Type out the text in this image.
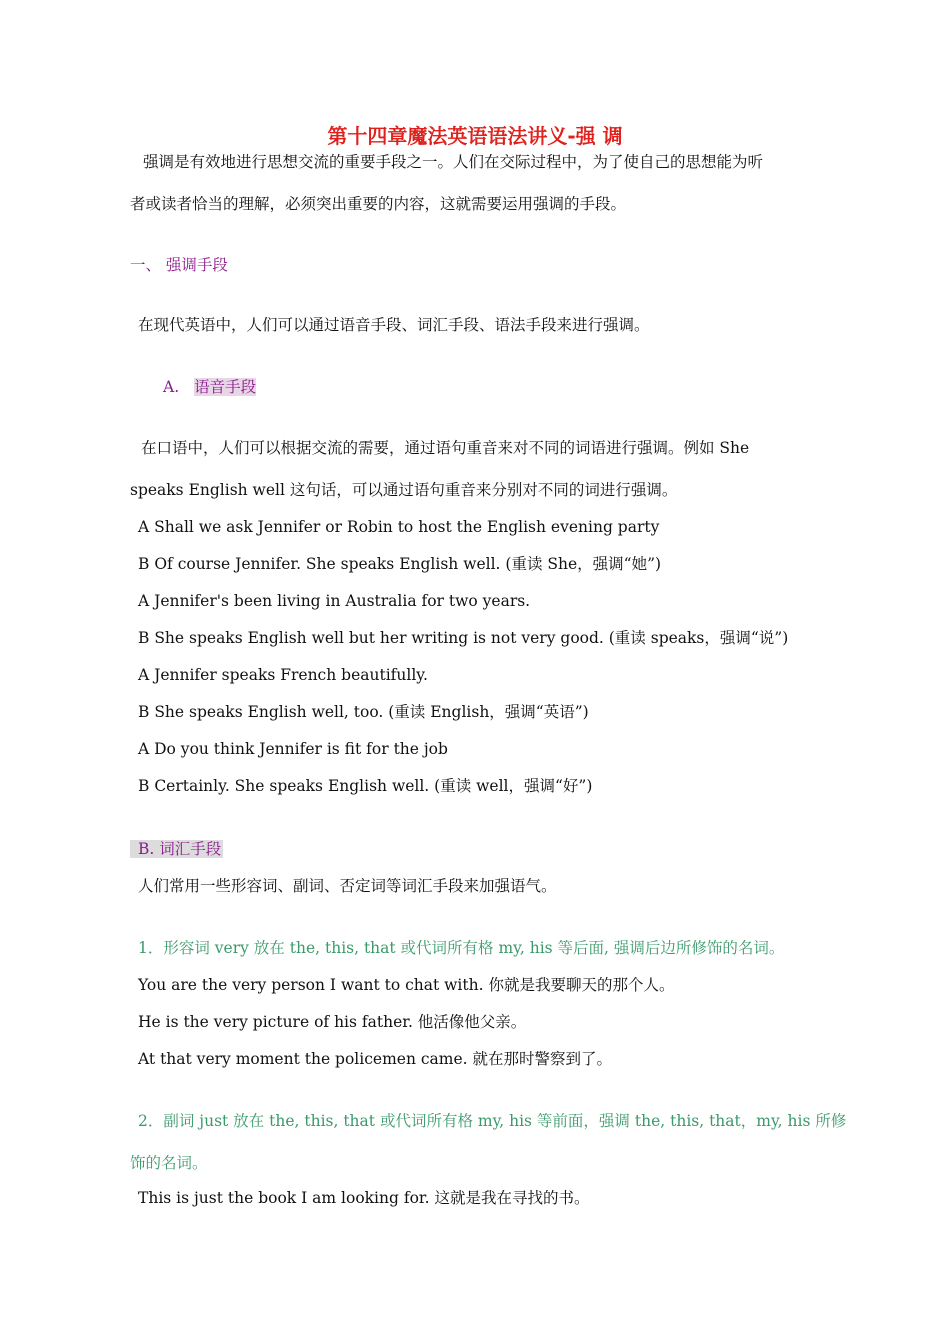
第十四章魔法英语语法讲义-强 调
强调是有效地进行思想交流的重要手段之一。人们在交际过程中，为了使自己的思想能为听
者或读者恰当的理解，必须突出重要的内容，这就需要运用强调的手段。
一、 强调手段
在现代英语中，人们可以通过语音手段、词汇手段、语法手段来进行强调。
A. 语音手段
在口语中，人们可以根据交流的需要，通过语句重音来对不同的词语进行强调。例如 She
speaks English well 这句话，可以通过语句重音来分别对不同的词进行强调。
A Shall we ask Jennifer or Robin to host the English evening party
B Of course Jennifer. She speaks English well. (重读 She，强调“她”)
A Jennifer's been living in Australia for two years.
B She speaks English well but her writing is not very good. (重读 speaks，强调“说”)
A Jennifer speaks French beautifully.
B She speaks English well, too. (重读 English，强调“英语”)
A Do you think Jennifer is fit for the job
B Certainly. She speaks English well. (重读 well，强调“好”)
B. 词汇手段
人们常用一些形容词、副词、否定词等词汇手段来加强语气。
1．形容词 very 放在 the, this, that 或代词所有格 my, his 等后面, 强调后边所修饰的名词。
You are the very person I want to chat with. 你就是我要聊天的那个人。
He is the very picture of his father. 他活像他父亲。
At that very moment the policemen came. 就在那时警察到了。
2．副词 just 放在 the, this, that 或代词所有格 my, his 等前面，强调 the, this, that，my, his 所修
饰的名词。
This is just the book I am looking for. 这就是我在寻找的书。
